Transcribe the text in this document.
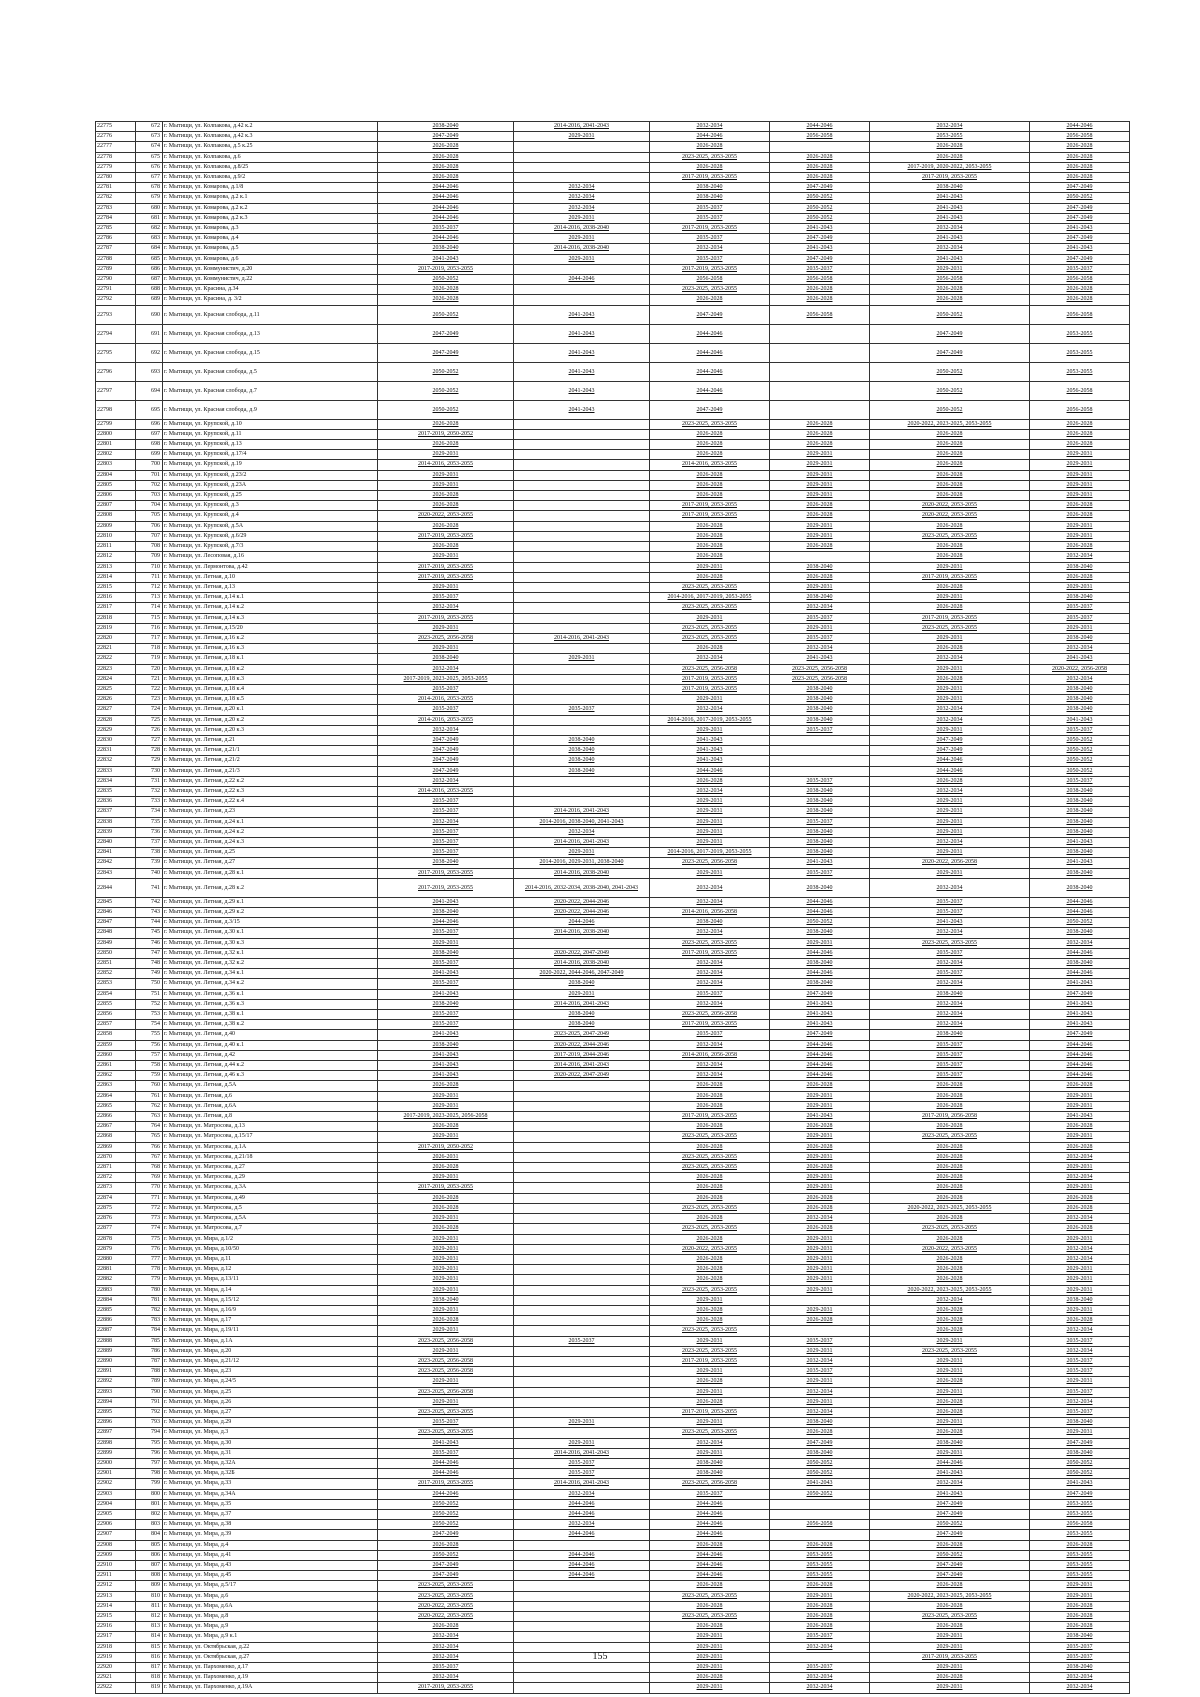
22775	672	г. Мытищи, ул. Колпакова, д.42 к.2	2038-2040	2014-2016, 2041-2043	2032-2034	2044-2046	2032-2034	2044-2046
22776	673	г. Мытищи, ул. Колпакова, д.42 к.3	2047-2049	2029-2031	2044-2046	2056-2058	2053-2055	2056-2058
22777	674	г. Мытищи, ул. Колпакова, д.5 к.25	2026-2028		2026-2028		2026-2028	2026-2028
22778	675	г. Мытищи, ул. Колпакова, д.6	2026-2028		2023-2025, 2053-2055	2026-2028	2026-2028	2026-2028
22779	676	г. Мытищи, ул. Колпакова, д.8/25	2026-2028		2026-2028	2026-2028	2017-2019, 2020-2022, 2053-2055	2026-2028
22780	677	г. Мытищи, ул. Колпакова, д.9/2	2026-2028		2017-2019, 2053-2055	2026-2028	2017-2019, 2053-2055	2026-2028
22781	678	г. Мытищи, ул. Комарова, д.1/8	2044-2046	2032-2034	2038-2040	2047-2049	2038-2040	2047-2049
22782	679	г. Мытищи, ул. Комарова, д.2 к.1	2044-2046	2032-2034	2038-2040	2050-2052	2041-2043	2050-2052
22783	680	г. Мытищи, ул. Комарова, д.2 к.2	2044-2046	2032-2034	2035-2037	2050-2052	2041-2043	2047-2049
22784	681	г. Мытищи, ул. Комарова, д.2 к.3	2044-2046	2029-2031	2035-2037	2050-2052	2041-2043	2047-2049
22785	682	г. Мытищи, ул. Комарова, д.3	2035-2037	2014-2016, 2038-2040	2017-2019, 2053-2055	2041-2043	2032-2034	2041-2043
22786	683	г. Мытищи, ул. Комарова, д.4	2044-2046	2029-2031	2035-2037	2047-2049	2041-2043	2047-2049
22787	684	г. Мытищи, ул. Комарова, д.5	2038-2040	2014-2016, 2038-2040	2032-2034	2041-2043	2032-2034	2041-2043
22788	685	г. Мытищи, ул. Комарова, д.6	2041-2043	2029-2031	2035-2037	2047-2049	2041-2043	2047-2049
22789	686	г. Мытищи, ул. Коммунистич, д.20	2017-2019, 2053-2055		2017-2019, 2053-2055	2035-2037	2029-2031	2035-2037
22790	687	г. Мытищи, ул. Коммунистич, д.22	2050-2052	2044-2046	2056-2058	2056-2058	2056-2058	2056-2058
22791	688	г. Мытищи, ул. Красина, д.34	2026-2028		2023-2025, 2053-2055	2026-2028	2026-2028	2026-2028
22792	689	г. Мытищи, ул. Красина, д. 3/2	2026-2028		2026-2028	2026-2028	2026-2028	2026-2028
22793	690	г. Мытищи, ул. Красная слобода, д.11	2050-2052	2041-2043	2047-2049	2056-2058	2050-2052	2056-2058
22794	691	г. Мытищи, ул. Красная слобода, д.13	2047-2049	2041-2043	2044-2046		2047-2049	2053-2055
22795	692	г. Мытищи, ул. Красная слобода, д.15	2047-2049	2041-2043	2044-2046		2047-2049	2053-2055
22796	693	г. Мытищи, ул. Красная слобода, д.5	2050-2052	2041-2043	2044-2046		2050-2052	2053-2055
22797	694	г. Мытищи, ул. Красная слобода, д.7	2050-2052	2041-2043	2044-2046		2050-2052	2056-2058
22798	695	г. Мытищи, ул. Красная слобода, д.9	2050-2052	2041-2043	2047-2049		2050-2052	2056-2058
22799	696	г. Мытищи, ул. Крупской, д.10	2026-2028		2023-2025, 2053-2055	2026-2028	2020-2022, 2023-2025, 2053-2055	2026-2028
22800	697	г. Мытищи, ул. Крупской, д.11	2017-2019, 2050-2052		2026-2028	2026-2028	2026-2028	2026-2028
22801	698	г. Мытищи, ул. Крупской, д.13	2026-2028		2026-2028	2026-2028	2026-2028	2026-2028
22802	699	г. Мытищи, ул. Крупской, д.17/4	2029-2031		2026-2028	2029-2031	2026-2028	2029-2031
22803	700	г. Мытищи, ул. Крупской, д.19	2014-2016, 2053-2055		2014-2016, 2053-2055	2029-2031	2026-2028	2029-2031
22804	701	г. Мытищи, ул. Крупской, д.23/2	2029-2031		2026-2028	2029-2031	2026-2028	2029-2031
22805	702	г. Мытищи, ул. Крупской, д.23А	2029-2031		2026-2028	2029-2031	2026-2028	2029-2031
22806	703	г. Мытищи, ул. Крупской, д.25	2026-2028		2026-2028	2029-2031	2026-2028	2029-2031
22807	704	г. Мытищи, ул. Крупской, д.3	2026-2028		2017-2019, 2053-2055	2026-2028	2020-2022, 2053-2055	2026-2028
22808	705	г. Мытищи, ул. Крупской, д.4	2020-2022, 2053-2055		2017-2019, 2053-2055	2026-2028	2020-2022, 2053-2055	2026-2028
22809	706	г. Мытищи, ул. Крупской, д.5А	2026-2028		2026-2028	2029-2031	2026-2028	2029-2031
22810	707	г. Мытищи, ул. Крупской, д.6/29	2017-2019, 2053-2055		2026-2028	2029-2031	2023-2025, 2053-2055	2029-2031
22811	708	г. Мытищи, ул. Крупской, д.7/3	2026-2028		2026-2028	2026-2028	2026-2028	2026-2028
22812	709	г. Мытищи, ул. Лесоповая, д.16	2029-2031		2026-2028		2026-2028	2032-2034
22813	710	г. Мытищи, ул. Лермонтова, д.42	2017-2019, 2053-2055		2029-2031	2038-2040	2029-2031	2038-2040
22814	711	г. Мытищи, ул. Летная, д.10	2017-2019, 2053-2055		2026-2028	2026-2028	2017-2019, 2053-2055	2026-2028
22815	712	г. Мытищи, ул. Летная, д.13	2029-2031		2023-2025, 2053-2055	2029-2031	2026-2028	2029-2031
22816	713	г. Мытищи, ул. Летная, д.14 к.1	2035-2037		2014-2016, 2017-2019, 2053-2055	2038-2040	2029-2031	2038-2040
22817	714	г. Мытищи, ул. Летная, д.14 к.2	2032-2034		2023-2025, 2053-2055	2032-2034	2026-2028	2035-2037
22818	715	г. Мытищи, ул. Летная, д.14 к.3	2017-2019, 2053-2055		2029-2031	2035-2037	2017-2019, 2053-2055	2035-2037
22819	716	г. Мытищи, ул. Летная, д.15/20	2029-2031		2023-2025, 2053-2055	2029-2031	2023-2025, 2053-2055	2029-2031
22820	717	г. Мытищи, ул. Летная, д.16 к.2	2023-2025, 2056-2058	2014-2016, 2041-2043	2023-2025, 2053-2055	2035-2037	2029-2031	2038-2040
22821	718	г. Мытищи, ул. Летная, д.16 к.3	2029-2031		2026-2028	2032-2034	2026-2028	2032-2034
22822	719	г. Мытищи, ул. Летная, д.18 к.1	2038-2040	2029-2031	2032-2034	2041-2043	2032-2034	2041-2043
22823	720	г. Мытищи, ул. Летная, д.18 к.2	2032-2034		2023-2025, 2056-2058	2023-2025, 2056-2058	2029-2031	2020-2022, 2056-2058
22824	721	г. Мытищи, ул. Летная, д.18 к.3	2017-2019, 2023-2025, 2053-2055		2017-2019, 2053-2055	2023-2025, 2056-2058	2026-2028	2032-2034
22825	722	г. Мытищи, ул. Летная, д.18 к.4	2035-2037		2017-2019, 2053-2055	2038-2040	2029-2031	2038-2040
22826	723	г. Мытищи, ул. Летная, д.18 к.5	2014-2016, 2053-2055		2029-2031	2038-2040	2029-2031	2038-2040
22827	724	г. Мытищи, ул. Летная, д.20 к.1	2035-2037	2035-2037	2032-2034	2038-2040	2032-2034	2038-2040
22828	725	г. Мытищи, ул. Летная, д.20 к.2	2014-2016, 2053-2055		2014-2016, 2017-2019, 2053-2055	2038-2040	2032-2034	2041-2043
22829	726	г. Мытищи, ул. Летная, д.20 к.3	2032-2034		2029-2031	2035-2037	2029-2031	2035-2037
22830	727	г. Мытищи, ул. Летная, д.21	2047-2049	2038-2040	2041-2043		2047-2049	2050-2052
22831	728	г. Мытищи, ул. Летная, д.21/1	2047-2049	2038-2040	2041-2043		2047-2049	2050-2052
22832	729	г. Мытищи, ул. Летная, д.21/2	2047-2049	2038-2040	2041-2043		2044-2046	2050-2052
22833	730	г. Мытищи, ул. Летная, д.21/3	2047-2049	2038-2040	2044-2046		2044-2046	2050-2052
22834	731	г. Мытищи, ул. Летная, д.22 к.2	2032-2034		2026-2028	2035-2037	2026-2028	2035-2037
22835	732	г. Мытищи, ул. Летная, д.22 к.3	2014-2016, 2053-2055		2032-2034	2038-2040	2032-2034	2038-2040
22836	733	г. Мытищи, ул. Летная, д.22 к.4	2035-2037		2029-2031	2038-2040	2029-2031	2038-2040
22837	734	г. Мытищи, ул. Летная, д.23	2035-2037	2014-2016, 2041-2043	2029-2031	2038-2040	2029-2031	2038-2040
22838	735	г. Мытищи, ул. Летная, д.24 к.1	2032-2034	2014-2016, 2038-2040, 2041-2043	2029-2031	2035-2037	2029-2031	2038-2040
22839	736	г. Мытищи, ул. Летная, д.24 к.2	2035-2037	2032-2034	2029-2031	2038-2040	2029-2031	2038-2040
22840	737	г. Мытищи, ул. Летная, д.24 к.3	2035-2037	2014-2016, 2041-2043	2029-2031	2038-2040	2032-2034	2041-2043
22841	738	г. Мытищи, ул. Летная, д.25	2035-2037	2029-2031	2014-2016, 2017-2019, 2053-2055	2038-2040	2029-2031	2038-2040
22842	739	г. Мытищи, ул. Летная, д.27	2038-2040	2014-2016, 2029-2031, 2038-2040	2023-2025, 2056-2058	2041-2043	2020-2022, 2056-2058	2041-2043
22843	740	г. Мытищи, ул. Летная, д.28 к.1	2017-2019, 2053-2055	2014-2016, 2038-2040	2029-2031	2035-2037	2029-2031	2038-2040
22844	741	г. Мытищи, ул. Летная, д.28 к.2	2017-2019, 2053-2055	2014-2016, 2032-2034, 2038-2040, 2041-2043	2032-2034	2038-2040	2032-2034	2038-2040
22845	742	г. Мытищи, ул. Летная, д.29 к.1	2041-2043	2020-2022, 2044-2046	2032-2034	2044-2046	2035-2037	2044-2046
22846	743	г. Мытищи, ул. Летная, д.29 к.2	2038-2040	2020-2022, 2044-2046	2014-2016, 2056-2058	2044-2046	2035-2037	2044-2046
22847	744	г. Мытищи, ул. Летная, д.3/15	2044-2046	2044-2046	2038-2040	2050-2052	2041-2043	2050-2052
22848	745	г. Мытищи, ул. Летная, д.30 к.1	2035-2037	2014-2016, 2038-2040	2032-2034	2038-2040	2032-2034	2038-2040
22849	746	г. Мытищи, ул. Летная, д.30 к.3	2029-2031		2023-2025, 2053-2055	2029-2031	2023-2025, 2053-2055	2032-2034
22850	747	г. Мытищи, ул. Летная, д.32 к.1	2038-2040	2020-2022, 2047-2049	2017-2019, 2053-2055	2044-2046	2035-2037	2044-2046
22851	748	г. Мытищи, ул. Летная, д.32 к.2	2035-2037	2014-2016, 2038-2040	2032-2034	2038-2040	2032-2034	2038-2040
22852	749	г. Мытищи, ул. Летная, д.34 к.1	2041-2043	2020-2022, 2044-2046, 2047-2049	2032-2034	2044-2046	2035-2037	2044-2046
22853	750	г. Мытищи, ул. Летная, д.34 к.2	2035-2037	2038-2040	2032-2034	2038-2040	2032-2034	2041-2043
22854	751	г. Мытищи, ул. Летная, д.36 к.1	2041-2043	2029-2031	2035-2037	2047-2049	2038-2040	2047-2049
22855	752	г. Мытищи, ул. Летная, д.36 к.3	2038-2040	2014-2016, 2041-2043	2032-2034	2041-2043	2032-2034	2041-2043
22856	753	г. Мытищи, ул. Летная, д.38 к.1	2035-2037	2038-2040	2023-2025, 2056-2058	2041-2043	2032-2034	2041-2043
22857	754	г. Мытищи, ул. Летная, д.38 к.2	2035-2037	2038-2040	2017-2019, 2053-2055	2041-2043	2032-2034	2041-2043
22858	755	г. Мытищи, ул. Летная, д.40	2041-2043	2023-2025, 2047-2049	2035-2037	2047-2049	2038-2040	2047-2049
22859	756	г. Мытищи, ул. Летная, д.40 к.1	2038-2040	2020-2022, 2044-2046	2032-2034	2044-2046	2035-2037	2044-2046
22860	757	г. Мытищи, ул. Летная, д.42	2041-2043	2017-2019, 2044-2046	2014-2016, 2056-2058	2044-2046	2035-2037	2044-2046
22861	758	г. Мытищи, ул. Летная, д.44 к.2	2041-2043	2014-2016, 2041-2043	2032-2034	2044-2046	2035-2037	2044-2046
22862	759	г. Мытищи, ул. Летная, д.46 к.3	2041-2043	2020-2022, 2047-2049	2032-2034	2044-2046	2035-2037	2044-2046
22863	760	г. Мытищи, ул. Летная, д.5А	2026-2028		2026-2028	2026-2028	2026-2028	2026-2028
22864	761	г. Мытищи, ул. Летная, д.6	2029-2031		2026-2028	2029-2031	2026-2028	2029-2031
22865	762	г. Мытищи, ул. Летная, д.6А	2029-2031		2026-2028	2029-2031	2026-2028	2029-2031
22866	763	г. Мытищи, ул. Летная, д.8	2017-2019, 2023-2025, 2056-2058		2017-2019, 2053-2055	2041-2043	2017-2019, 2056-2058	2041-2043
22867	764	г. Мытищи, ул. Матросова, д.13	2026-2028		2026-2028	2026-2028	2026-2028	2026-2028
22868	765	г. Мытищи, ул. Матросова, д.15/17	2029-2031		2023-2025, 2053-2055	2029-2031	2023-2025, 2053-2055	2029-2031
22869	766	г. Мытищи, ул. Матросова, д.1А	2017-2019, 2050-2052		2026-2028	2026-2028	2026-2028	2026-2028
22870	767	г. Мытищи, ул. Матросова, д.21/18	2026-2031		2023-2025, 2053-2055	2029-2031	2026-2028	2032-2034
22871	768	г. Мытищи, ул. Матросова, д.27	2026-2028		2023-2025, 2053-2055	2026-2028	2026-2028	2029-2031
22872	769	г. Мытищи, ул. Матросова, д.29	2029-2031		2026-2028	2029-2031	2026-2028	2032-2034
22873	770	г. Мытищи, ул. Матросова, д.3А	2017-2019, 2053-2055		2026-2028	2029-2031	2026-2028	2029-2031
22874	771	г. Мытищи, ул. Матросова, д.49	2026-2028		2026-2028	2026-2028	2026-2028	2026-2028
22875	772	г. Мытищи, ул. Матросова, д.5	2026-2028		2023-2025, 2053-2055	2026-2028	2020-2022, 2023-2025, 2053-2055	2026-2028
22876	773	г. Мытищи, ул. Матросова, д.5А	2029-2031		2026-2028	2032-2034	2026-2028	2032-2034
22877	774	г. Мытищи, ул. Матросова, д.7	2026-2028		2023-2025, 2053-2055	2026-2028	2023-2025, 2053-2055	2026-2028
22878	775	г. Мытищи, ул. Мира, д.1/2	2029-2031		2026-2028	2029-2031	2026-2028	2029-2031
22879	776	г. Мытищи, ул. Мира, д.10/50	2029-2031		2020-2022, 2053-2055	2029-2031	2020-2022, 2053-2055	2032-2034
22880	777	г. Мытищи, ул. Мира, д.11	2029-2031		2026-2028	2029-2031	2026-2028	2032-2034
22881	778	г. Мытищи, ул. Мира, д.12	2029-2031		2026-2028	2029-2031	2026-2028	2029-2031
22882	779	г. Мытищи, ул. Мира, д.13/11	2029-2031		2026-2028	2029-2031	2026-2028	2029-2031
22883	780	г. Мытищи, ул. Мира, д.14	2029-2031		2023-2025, 2053-2055	2029-2031	2020-2022, 2023-2025, 2053-2055	2029-2031
22884	781	г. Мытищи, ул. Мира, д.15/12	2038-2040		2029-2031		2032-2034	2038-2040
22885	782	г. Мытищи, ул. Мира, д.16/9	2029-2031		2026-2028	2029-2031	2026-2028	2029-2031
22886	783	г. Мытищи, ул. Мира, д.17	2026-2028		2026-2028	2026-2028	2026-2028	2026-2028
22887	784	г. Мытищи, ул. Мира, д.19/11	2029-2031		2023-2025, 2053-2055		2026-2028	2032-2034
22888	785	г. Мытищи, ул. Мира, д.1А	2023-2025, 2056-2058	2035-2037	2029-2031	2035-2037	2029-2031	2035-2037
22889	786	г. Мытищи, ул. Мира, д.20	2029-2031		2023-2025, 2053-2055	2029-2031	2023-2025, 2053-2055	2032-2034
22890	787	г. Мытищи, ул. Мира, д.21/12	2023-2025, 2056-2058		2017-2019, 2053-2055	2032-2034	2029-2031	2035-2037
22891	788	г. Мытищи, ул. Мира, д.23	2023-2025, 2056-2058		2029-2031	2035-2037	2029-2031	2035-2037
22892	789	г. Мытищи, ул. Мира, д.24/5	2029-2031		2026-2028	2029-2031	2026-2028	2029-2031
22893	790	г. Мытищи, ул. Мира, д.25	2023-2025, 2056-2058		2029-2031	2032-2034	2029-2031	2035-2037
22894	791	г. Мытищи, ул. Мира, д.26	2029-2031		2026-2028	2029-2031	2026-2028	2032-2034
22895	792	г. Мытищи, ул. Мира, д.27	2023-2025, 2053-2055		2017-2019, 2053-2055	2032-2034	2026-2028	2035-2037
22896	793	г. Мытищи, ул. Мира, д.29	2035-2037	2029-2031	2029-2031	2038-2040	2029-2031	2038-2040
22897	794	г. Мытищи, ул. Мира, д.3	2023-2025, 2053-2055		2023-2025, 2053-2055	2026-2028	2026-2028	2029-2031
22898	795	г. Мытищи, ул. Мира, д.30	2041-2043	2029-2031	2032-2034	2047-2049	2038-2040	2047-2049
22899	796	г. Мытищи, ул. Мира, д.31	2035-2037	2014-2016, 2041-2043	2029-2031	2038-2040	2029-2031	2038-2040
22900	797	г. Мытищи, ул. Мира, д.32А	2044-2046	2035-2037	2038-2040	2050-2052	2044-2046	2050-2052
22901	798	г. Мытищи, ул. Мира, д.32Б	2044-2046	2035-2037	2038-2040	2050-2052	2041-2043	2050-2052
22902	799	г. Мытищи, ул. Мира, д.33	2017-2019, 2053-2055	2014-2016, 2041-2043	2023-2025, 2056-2058	2041-2043	2032-2034	2041-2043
22903	800	г. Мытищи, ул. Мира, д.34А	2044-2046	2032-2034	2035-2037	2050-2052	2041-2043	2047-2049
22904	801	г. Мытищи, ул. Мира, д.35	2050-2052	2044-2046	2044-2046		2047-2049	2053-2055
22905	802	г. Мытищи, ул. Мира, д.37	2050-2052	2044-2046	2044-2046		2047-2049	2053-2055
22906	803	г. Мытищи, ул. Мира, д.38	2050-2052	2032-2034	2044-2046	2056-2058	2050-2052	2056-2058
22907	804	г. Мытищи, ул. Мира, д.39	2047-2049	2044-2046	2044-2046		2047-2049	2053-2055
22908	805	г. Мытищи, ул. Мира, д.4	2026-2028		2026-2028	2026-2028	2026-2028	2026-2028
22909	806	г. Мытищи, ул. Мира, д.41	2050-2052	2044-2046	2044-2046	2053-2055	2050-2052	2053-2055
22910	807	г. Мытищи, ул. Мира, д.43	2047-2049	2044-2046	2044-2046	2053-2055	2047-2049	2053-2055
22911	808	г. Мытищи, ул. Мира, д.45	2047-2049	2044-2046	2044-2046	2053-2055	2047-2049	2053-2055
22912	809	г. Мытищи, ул. Мира, д.5/17	2023-2025, 2053-2055		2026-2028	2026-2028	2026-2028	2029-2031
22913	810	г. Мытищи, ул. Мира, д.6	2023-2025, 2053-2055		2023-2025, 2053-2055	2029-2031	2020-2022, 2023-2025, 2053-2055	2029-2031
22914	811	г. Мытищи, ул. Мира, д.6А	2020-2022, 2053-2055		2026-2028	2026-2028	2026-2028	2026-2028
22915	812	г. Мытищи, ул. Мира, д.8	2020-2022, 2053-2055		2023-2025, 2053-2055	2026-2028	2023-2025, 2053-2055	2026-2028
22916	813	г. Мытищи, ул. Мира, д.9	2026-2028		2026-2028	2026-2028	2026-2028	2026-2028
22917	814	г. Мытищи, ул. Мира, д.9 к.1	2032-2034		2029-2031	2035-2037	2029-2031	2038-2040
22918	815	г. Мытищи, ул. Октябрьская, д.22	2032-2034		2029-2031	2032-2034	2029-2031	2035-2037
22919	816	г. Мытищи, ул. Октябрьская, д.27	2032-2034		2029-2031		2017-2019, 2053-2055	2035-2037
22920	817	г. Мытищи, ул. Пархоменко, д.17	2035-2037		2029-2031	2035-2037	2029-2031	2038-2040
22921	818	г. Мытищи, ул. Пархоменко, д.19	2032-2034		2026-2028	2032-2034	2026-2028	2032-2034
22922	819	г. Мытищи, ул. Пархоменко, д.19А	2017-2019, 2053-2055		2029-2031	2032-2034	2029-2031	2032-2034
155
